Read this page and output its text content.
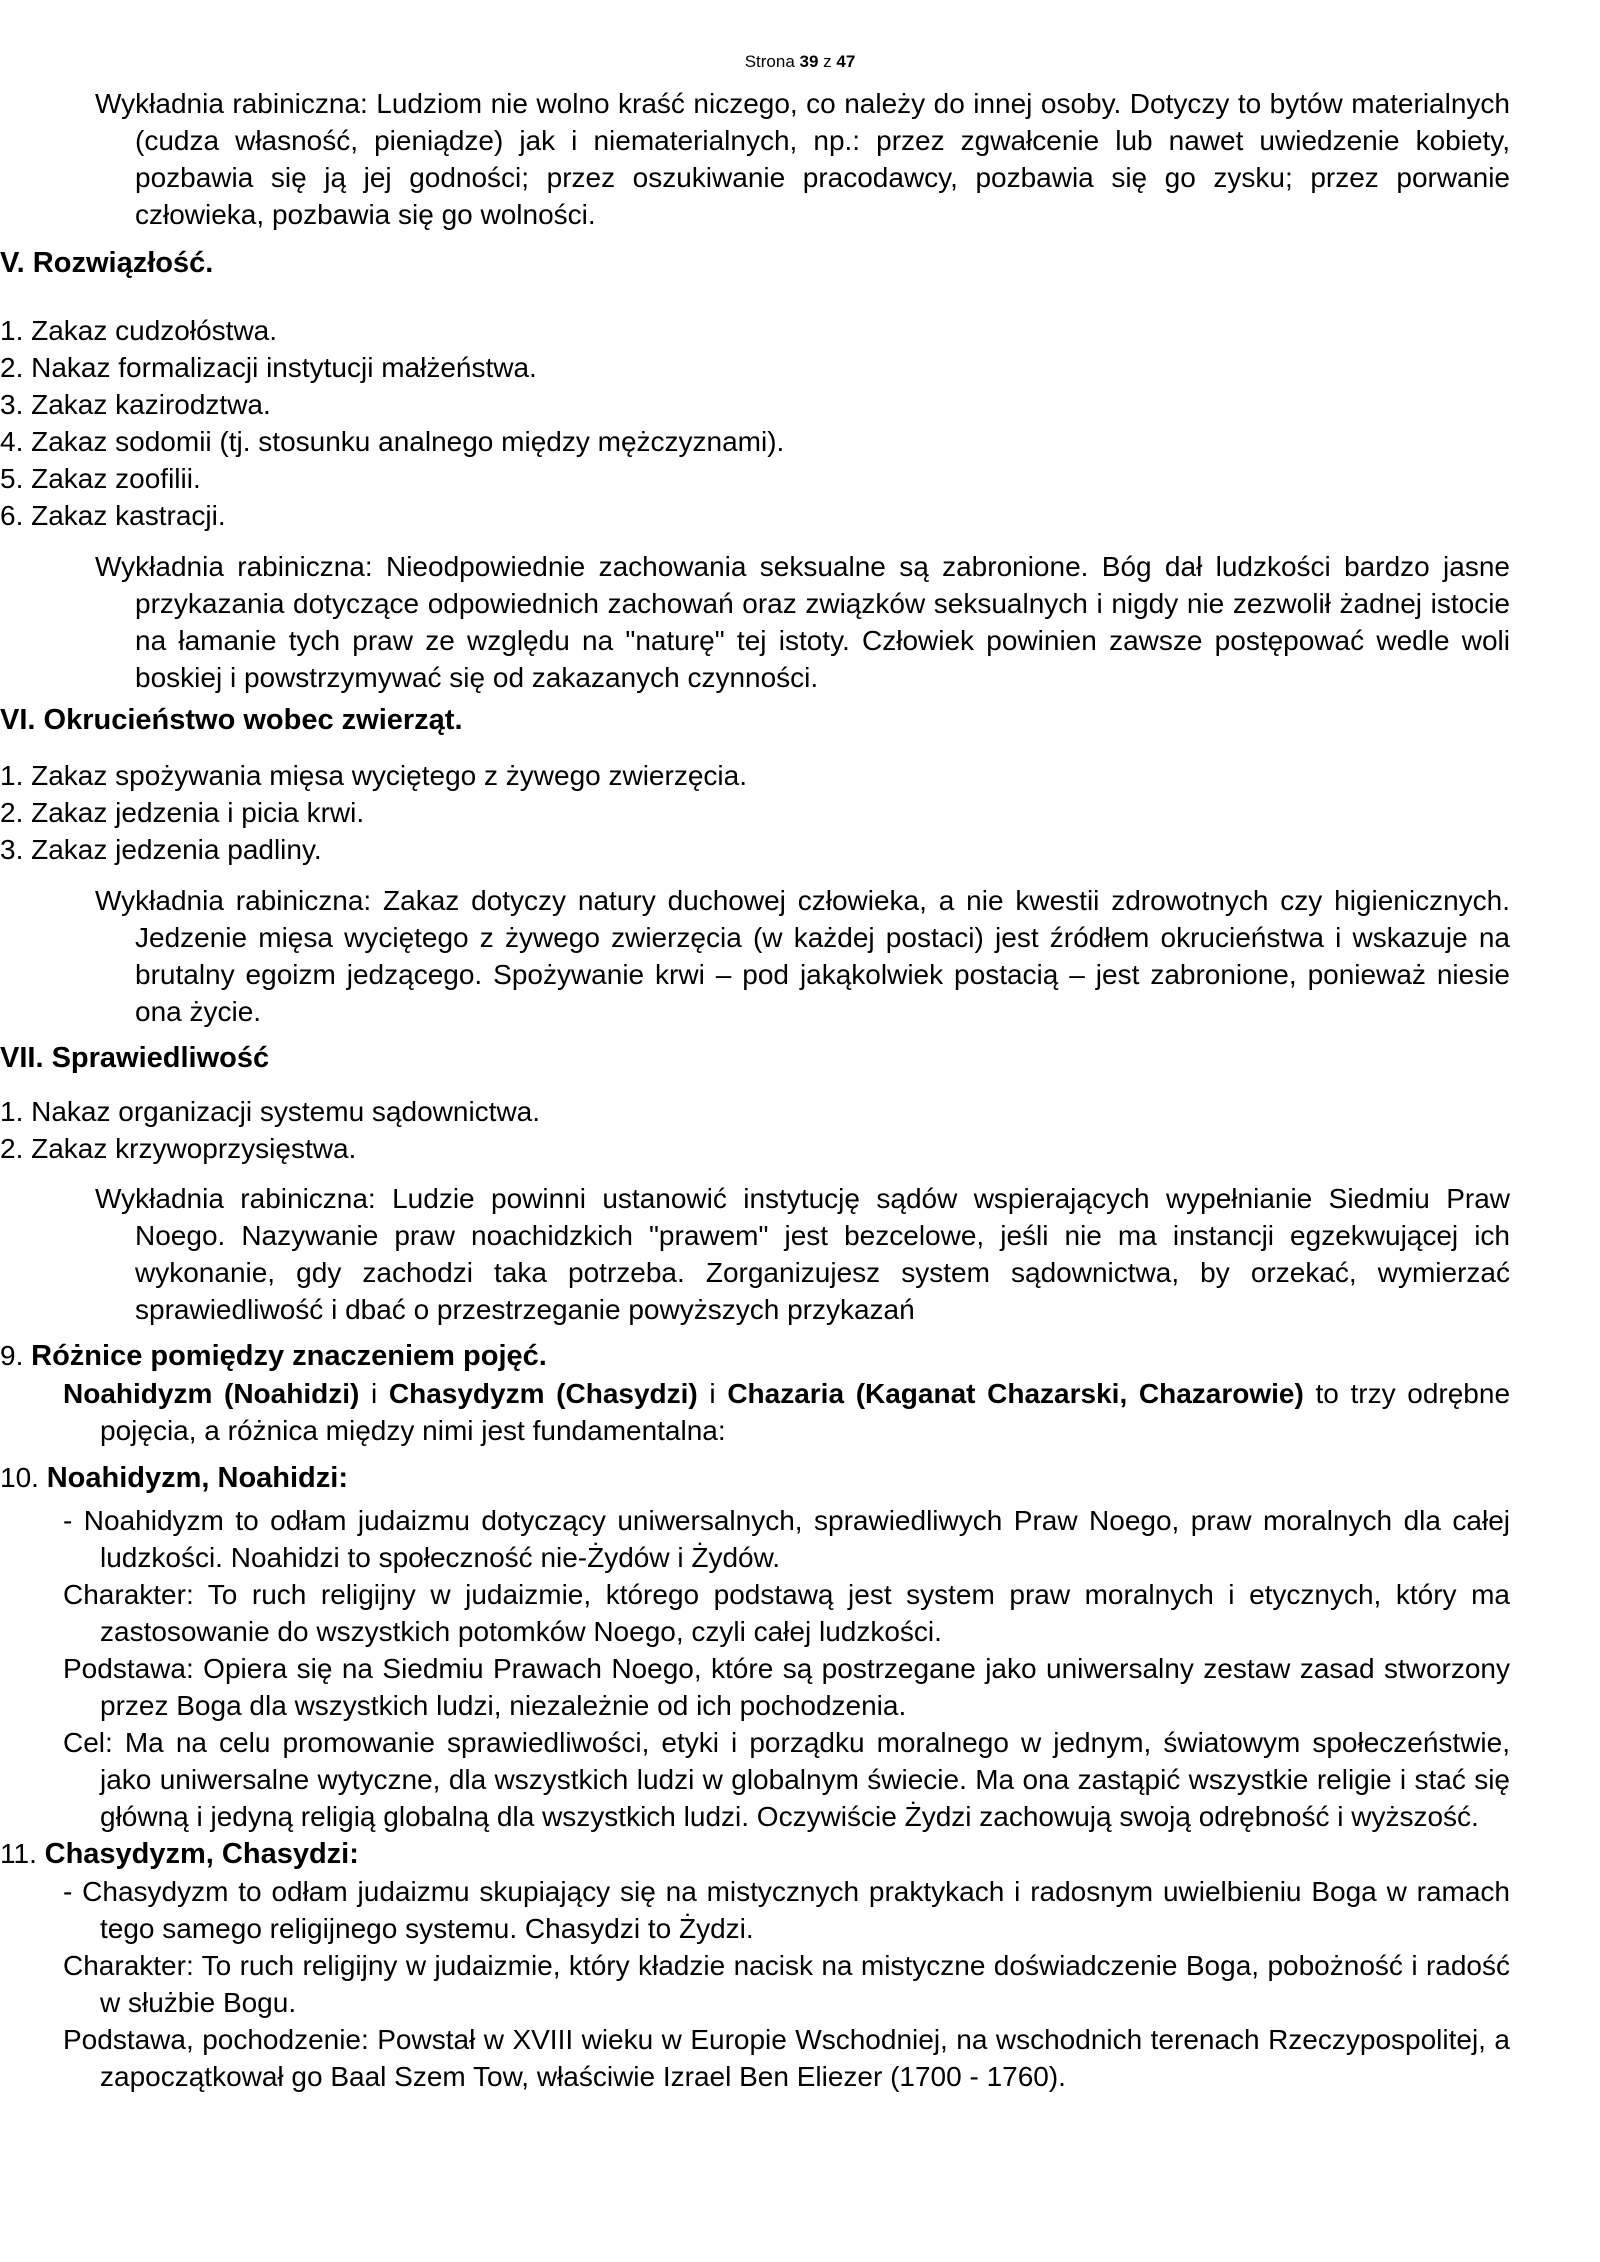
Strona 39 z 47

Wykładnia rabiniczna: Ludziom nie wolno kraść niczego, co należy do innej osoby. Dotyczy to bytów materialnych (cudza własność, pieniądze) jak i niematerialnych, np.: przez zgwałcenie lub nawet uwiedzenie kobiety, pozbawia się ją jej godności; przez oszukiwanie pracodawcy, pozbawia się go zysku; przez porwanie człowieka, pozbawia się go wolności.

V. Rozwiązłość.
1. Zakaz cudzołóstwa.
2. Nakaz formalizacji instytucji małżeństwa.
3. Zakaz kazirodztwa.
4. Zakaz sodomii (tj. stosunku analnego między mężczyznami).
5. Zakaz zoofilii.
6. Zakaz kastracji.

Wykładnia rabiniczna: Nieodpowiednie zachowania seksualne są zabronione. Bóg dał ludzkości bardzo jasne przykazania dotyczące odpowiednich zachowań oraz związków seksualnych i nigdy nie zezwolił żadnej istocie na łamanie tych praw ze względu na "naturę" tej istoty. Człowiek powinien zawsze postępować wedle woli boskiej i powstrzymywać się od zakazanych czynności.

VI. Okrucieństwo wobec zwierząt.
1. Zakaz spożywania mięsa wyciętego z żywego zwierzęcia.
2. Zakaz jedzenia i picia krwi.
3. Zakaz jedzenia padliny.

Wykładnia rabiniczna: Zakaz dotyczy natury duchowej człowieka, a nie kwestii zdrowotnych czy higienicznych. Jedzenie mięsa wyciętego z żywego zwierzęcia (w każdej postaci) jest źródłem okrucieństwa i wskazuje na brutalny egoizm jedzącego. Spożywanie krwi – pod jakąkolwiek postacią – jest zabronione, ponieważ niesie ona życie.

VII. Sprawiedliwość
1. Nakaz organizacji systemu sądownictwa.
2. Zakaz krzywoprzysięstwa.

Wykładnia rabiniczna: Ludzie powinni ustanowić instytucję sądów wspierających wypełnianie Siedmiu Praw Noego. Nazywanie praw noachidzkich "prawem" jest bezcelowe, jeśli nie ma instancji egzekwującej ich wykonanie, gdy zachodzi taka potrzeba. Zorganizujesz system sądownictwa, by orzekać, wymierzać sprawiedliwość i dbać o przestrzeganie powyższych przykazań

9. Różnice pomiędzy znaczeniem pojęć.

Noahidyzm (Noahidzi) i Chasydyzm (Chasydzi) i Chazaria (Kaganat Chazarski, Chazarowie) to trzy odrębne pojęcia, a różnica między nimi jest fundamentalna:

10. Noahidyzm, Noahidzi:

- Noahidyzm to odłam judaizmu dotyczący uniwersalnych, sprawiedliwych Praw Noego, praw moralnych dla całej ludzkości. Noahidzi to społeczność nie-Żydów i Żydów.

Charakter: To ruch religijny w judaizmie, którego podstawą jest system praw moralnych i etycznych, który ma zastosowanie do wszystkich potomków Noego, czyli całej ludzkości.

Podstawa: Opiera się na Siedmiu Prawach Noego, które są postrzegane jako uniwersalny zestaw zasad stworzony przez Boga dla wszystkich ludzi, niezależnie od ich pochodzenia.

Cel: Ma na celu promowanie sprawiedliwości, etyki i porządku moralnego w jednym, światowym społeczeństwie, jako uniwersalne wytyczne, dla wszystkich ludzi w globalnym świecie. Ma ona zastąpić wszystkie religie i stać się główną i jedyną religią globalną dla wszystkich ludzi. Oczywiście Żydzi zachowują swoją odrębność i wyższość.

11. Chasydyzm, Chasydzi:

- Chasydyzm to odłam judaizmu skupiający się na mistycznych praktykach i radosnym uwielbieniu Boga w ramach tego samego religijnego systemu. Chasydzi to Żydzi.

Charakter: To ruch religijny w judaizmie, który kładzie nacisk na mistyczne doświadczenie Boga, pobożność i radość w służbie Bogu.

Podstawa, pochodzenie: Powstał w XVIII wieku w Europie Wschodniej, na wschodnich terenach Rzeczypospolitej, a zapoczątkował go Baal Szem Tow, właściwie Izrael Ben Eliezer (1700 - 1760).
